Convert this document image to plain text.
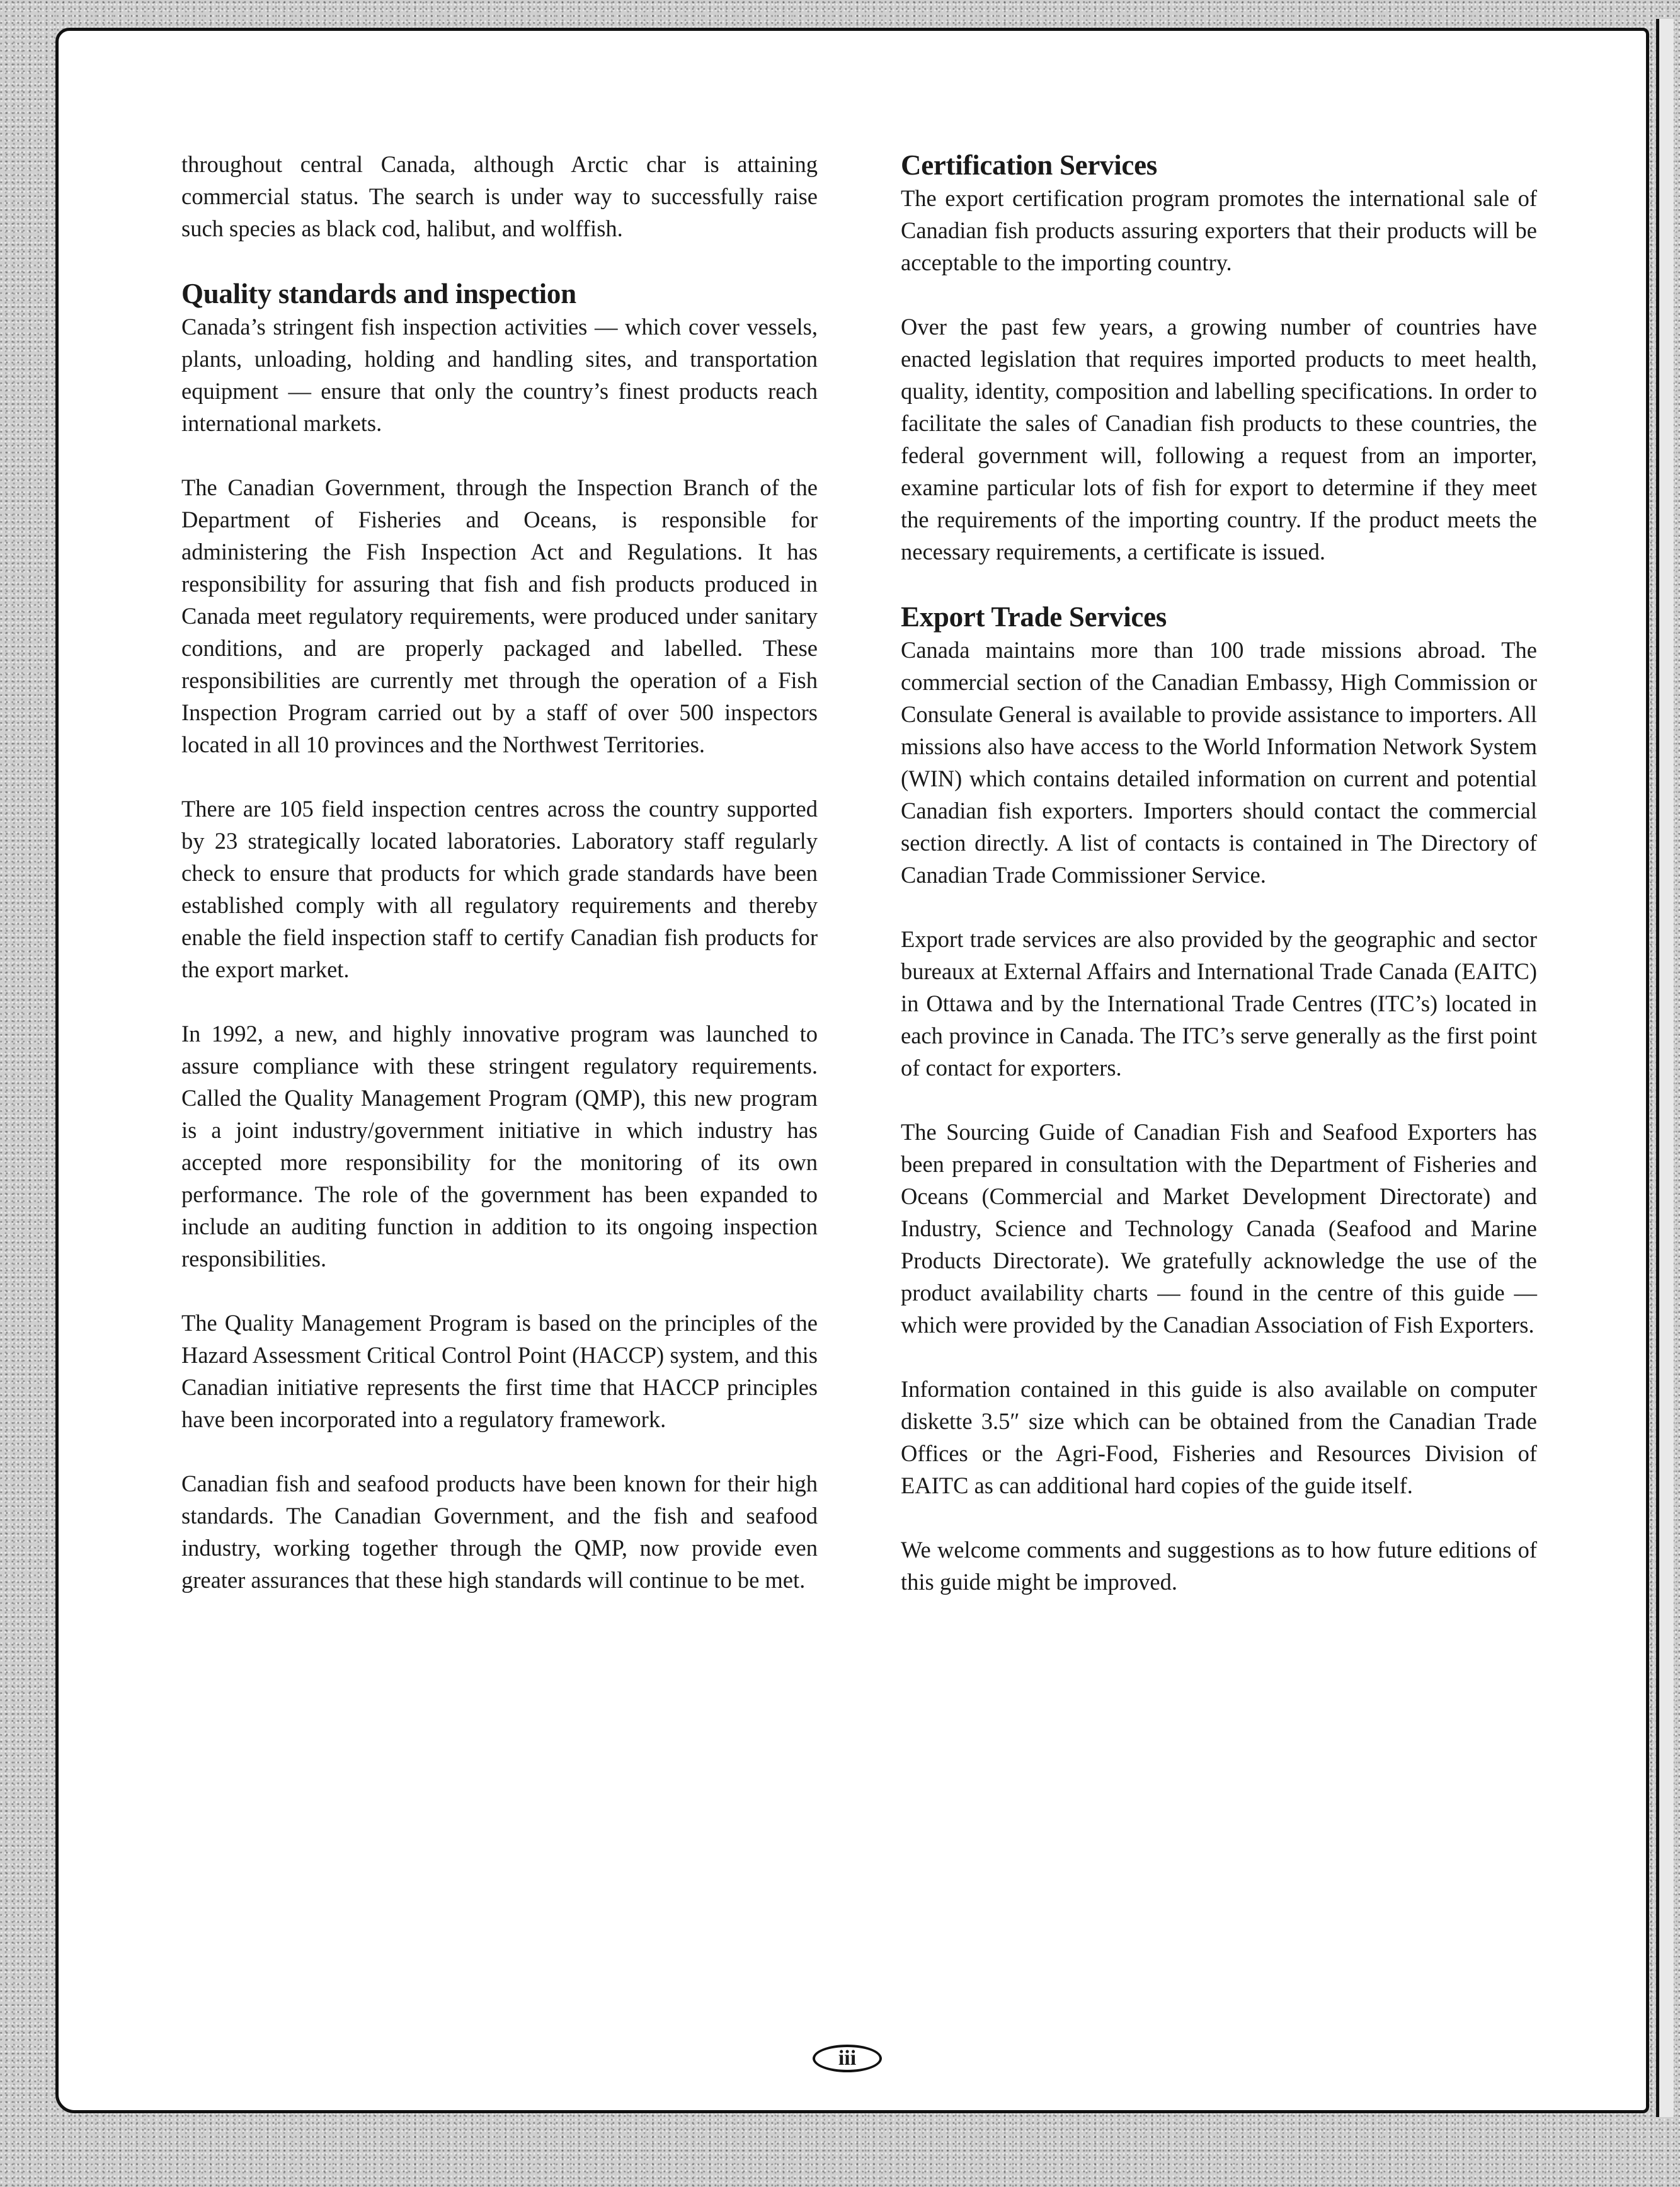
throughout central Canada, although Arctic char is attaining commercial status. The search is under way to successfully raise such species as black cod, halibut, and wolffish.

Quality standards and inspection

Canada’s stringent fish inspection activities — which cover vessels, plants, unloading, holding and handling sites, and transportation equipment — ensure that only the country’s finest products reach international markets.

The Canadian Government, through the Inspection Branch of the Department of Fisheries and Oceans, is responsible for administering the Fish Inspection Act and Regulations. It has responsibility for assuring that fish and fish products produced in Canada meet regulatory requirements, were produced under sanitary conditions, and are properly packaged and labelled. These responsibilities are currently met through the operation of a Fish Inspection Program carried out by a staff of over 500 inspectors located in all 10 provinces and the Northwest Territories.

There are 105 field inspection centres across the country supported by 23 strategically located laboratories. Laboratory staff regularly check to ensure that products for which grade standards have been established comply with all regulatory requirements and thereby enable the field inspection staff to certify Canadian fish products for the export market.

In 1992, a new, and highly innovative program was launched to assure compliance with these stringent regulatory requirements. Called the Quality Management Program (QMP), this new program is a joint industry/government initiative in which industry has accepted more responsibility for the monitoring of its own performance. The role of the government has been expanded to include an auditing function in addition to its ongoing inspection responsibilities.

The Quality Management Program is based on the principles of the Hazard Assessment Critical Control Point (HACCP) system, and this Canadian initiative represents the first time that HACCP principles have been incorporated into a regulatory framework.

Canadian fish and seafood products have been known for their high standards. The Canadian Government, and the fish and seafood industry, working together through the QMP, now provide even greater assurances that these high standards will continue to be met.

Certification Services

The export certification program promotes the international sale of Canadian fish products assuring exporters that their products will be acceptable to the importing country.

Over the past few years, a growing number of countries have enacted legislation that requires imported products to meet health, quality, identity, composition and labelling specifications. In order to facilitate the sales of Canadian fish products to these countries, the federal government will, following a request from an importer, examine particular lots of fish for export to determine if they meet the requirements of the importing country. If the product meets the necessary requirements, a certificate is issued.

Export Trade Services

Canada maintains more than 100 trade missions abroad. The commercial section of the Canadian Embassy, High Commission or Consulate General is available to provide assistance to importers. All missions also have access to the World Information Network System (WIN) which contains detailed information on current and potential Canadian fish exporters. Importers should contact the commercial section directly. A list of contacts is contained in The Directory of Canadian Trade Commissioner Service.

Export trade services are also provided by the geographic and sector bureaux at External Affairs and International Trade Canada (EAITC) in Ottawa and by the International Trade Centres (ITC’s) located in each province in Canada. The ITC’s serve generally as the first point of contact for exporters.

The Sourcing Guide of Canadian Fish and Seafood Exporters has been prepared in consultation with the Department of Fisheries and Oceans (Commercial and Market Development Directorate) and Industry, Science and Technology Canada (Seafood and Marine Products Directorate). We gratefully acknowledge the use of the product availability charts — found in the centre of this guide — which were provided by the Canadian Association of Fish Exporters.

Information contained in this guide is also available on computer diskette 3.5″ size which can be obtained from the Canadian Trade Offices or the Agri-Food, Fisheries and Resources Division of EAITC as can additional hard copies of the guide itself.

We welcome comments and suggestions as to how future editions of this guide might be improved.

iii
